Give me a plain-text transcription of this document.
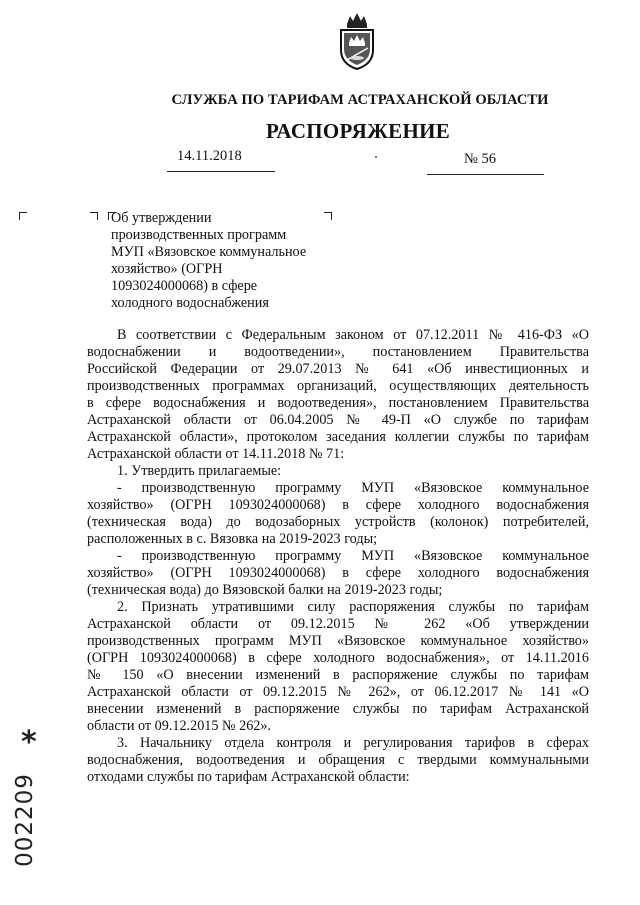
СЛУЖБА ПО ТАРИФАМ АСТРАХАНСКОЙ ОБЛАСТИ
РАСПОРЯЖЕНИЕ
14.11.2018	№ 56
Об утверждении
производственных программ
МУП «Вязовское коммунальное
хозяйство» (ОГРН
1093024000068) в сфере
холодного водоснабжения
В соответствии с Федеральным законом от 07.12.2011 № 416-ФЗ «О
водоснабжении и водоотведении», постановлением Правительства
Российской Федерации от 29.07.2013 № 641 «Об инвестиционных и
производственных программах организаций, осуществляющих деятельность
в сфере водоснабжения и водоотведения», постановлением Правительства
Астраханской области от 06.04.2005 № 49-П «О службе по тарифам
Астраханской области», протоколом заседания коллегии службы по тарифам
Астраханской области от 14.11.2018 № 71:
1. Утвердить прилагаемые:
- производственную программу МУП «Вязовское коммунальное
хозяйство» (ОГРН 1093024000068) в сфере холодного водоснабжения
(техническая вода) до водозаборных устройств (колонок) потребителей,
расположенных в с. Вязовка на 2019-2023 годы;
- производственную программу МУП «Вязовское коммунальное
хозяйство» (ОГРН 1093024000068) в сфере холодного водоснабжения
(техническая вода) до Вязовской балки на 2019-2023 годы;
2. Признать утратившими силу распоряжения службы по тарифам
Астраханской области от 09.12.2015 № 262 «Об утверждении
производственных программ МУП «Вязовское коммунальное хозяйство»
(ОГРН 1093024000068) в сфере холодного водоснабжения», от 14.11.2016
№ 150 «О внесении изменений в распоряжение службы по тарифам
Астраханской области от 09.12.2015 № 262», от 06.12.2017 № 141 «О
внесении изменений в распоряжение службы по тарифам Астраханской
области от 09.12.2015 № 262».
3. Начальнику отдела контроля и регулирования тарифов в сферах
водоснабжения, водоотведения и обращения с твердыми коммунальными
отходами службы по тарифам Астраханской области:
*
002209
